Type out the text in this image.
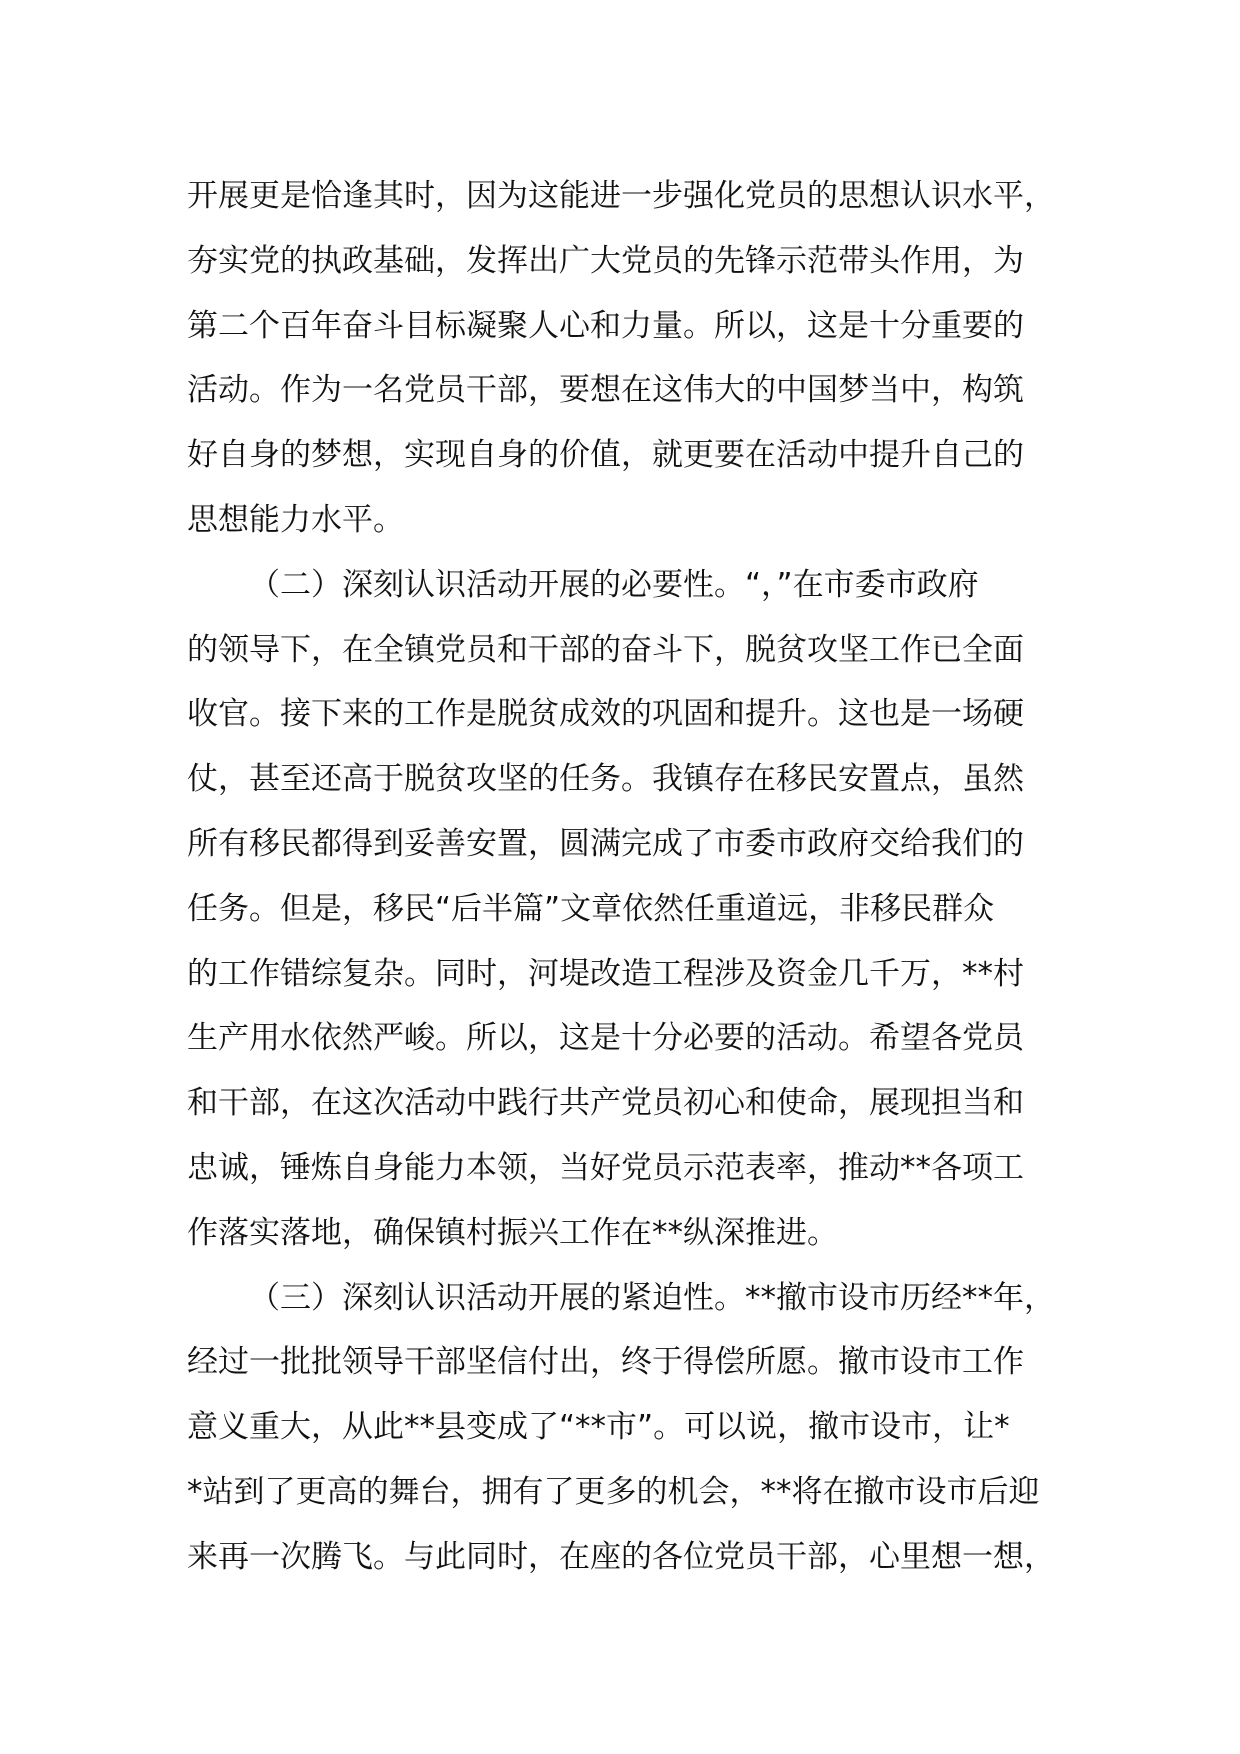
开展更是恰逢其时，因为这能进一步强化党员的思想认识水平，
夯实党的执政基础，发挥出广大党员的先锋示范带头作用，为
第二个百年奋斗目标凝聚人心和力量。所以，这是十分重要的
活动。作为一名党员干部，要想在这伟大的中国梦当中，构筑
好自身的梦想，实现自身的价值，就更要在活动中提升自己的
思想能力水平。
（二）深刻认识活动开展的必要性。“，”在市委市政府
的领导下，在全镇党员和干部的奋斗下，脱贫攻坚工作已全面
收官。接下来的工作是脱贫成效的巩固和提升。这也是一场硬
仗，甚至还高于脱贫攻坚的任务。我镇存在移民安置点，虽然
所有移民都得到妥善安置，圆满完成了市委市政府交给我们的
任务。但是，移民“后半篇”文章依然任重道远，非移民群众
的工作错综复杂。同时，河堤改造工程涉及资金几千万，**村
生产用水依然严峻。所以，这是十分必要的活动。希望各党员
和干部，在这次活动中践行共产党员初心和使命，展现担当和
忠诚，锤炼自身能力本领，当好党员示范表率，推动**各项工
作落实落地，确保镇村振兴工作在**纵深推进。
（三）深刻认识活动开展的紧迫性。**撤市设市历经**年，
经过一批批领导干部坚信付出，终于得偿所愿。撤市设市工作
意义重大，从此**县变成了“**市”。可以说，撤市设市，让*
*站到了更高的舞台，拥有了更多的机会，**将在撤市设市后迎
来再一次腾飞。与此同时，在座的各位党员干部，心里想一想，
